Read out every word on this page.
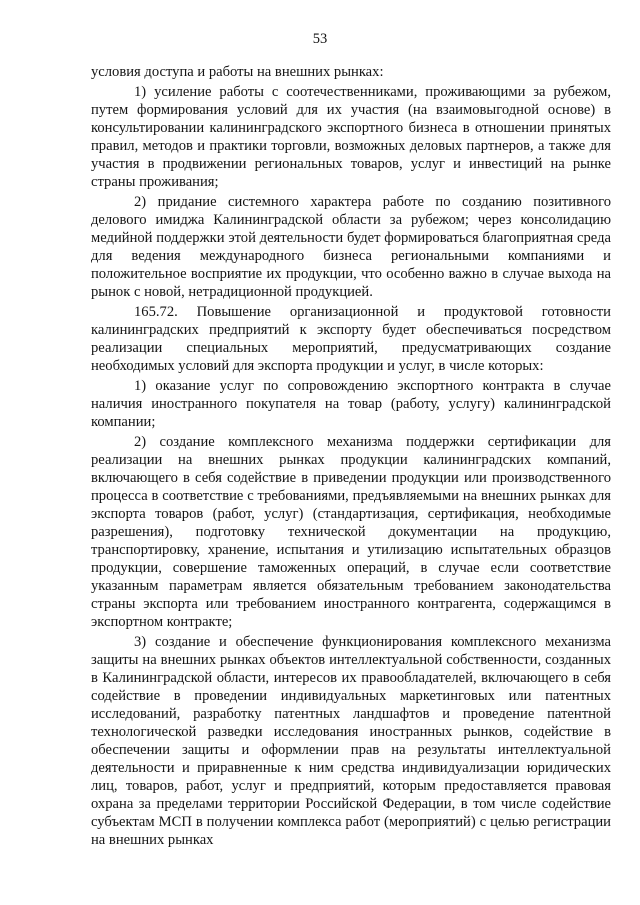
53

условия доступа и работы на внешних рынках:

1) усиление работы с соотечественниками, проживающими за рубежом, путем формирования условий для их участия (на взаимовыгодной основе) в консультировании калининградского экспортного бизнеса в отношении принятых правил, методов и практики торговли, возможных деловых партнеров, а также для участия в продвижении региональных товаров, услуг и инвестиций на рынке страны проживания;

2) придание системного характера работе по созданию позитивного делового имиджа Калининградской области за рубежом; через консолидацию медийной поддержки этой деятельности будет формироваться благоприятная среда для ведения международного бизнеса региональными компаниями и положительное восприятие их продукции, что особенно важно в случае выхода на рынок с новой, нетрадиционной продукцией.

165.72. Повышение организационной и продуктовой готовности калининградских предприятий к экспорту будет обеспечиваться посредством реализации специальных мероприятий, предусматривающих создание необходимых условий для экспорта продукции и услуг, в числе которых:

1) оказание услуг по сопровождению экспортного контракта в случае наличия иностранного покупателя на товар (работу, услугу) калининградской компании;

2) создание комплексного механизма поддержки сертификации для реализации на внешних рынках продукции калининградских компаний, включающего в себя содействие в приведении продукции или производственного процесса в соответствие с требованиями, предъявляемыми на внешних рынках для экспорта товаров (работ, услуг) (стандартизация, сертификация, необходимые разрешения), подготовку технической документации на продукцию, транспортировку, хранение, испытания и утилизацию испытательных образцов продукции, совершение таможенных операций, в случае если соответствие указанным параметрам является обязательным требованием законодательства страны экспорта или требованием иностранного контрагента, содержащимся в экспортном контракте;

3) создание и обеспечение функционирования комплексного механизма защиты на внешних рынках объектов интеллектуальной собственности, созданных в Калининградской области, интересов их правообладателей, включающего в себя содействие в проведении индивидуальных маркетинговых или патентных исследований, разработку патентных ландшафтов и проведение патентной технологической разведки исследования иностранных рынков, содействие в обеспечении защиты и оформлении прав на результаты интеллектуальной деятельности и приравненные к ним средства индивидуализации юридических лиц, товаров, работ, услуг и предприятий, которым предоставляется правовая охрана за пределами территории Российской Федерации, в том числе содействие субъектам МСП в получении комплекса работ (мероприятий) с целью регистрации на внешних рынках
